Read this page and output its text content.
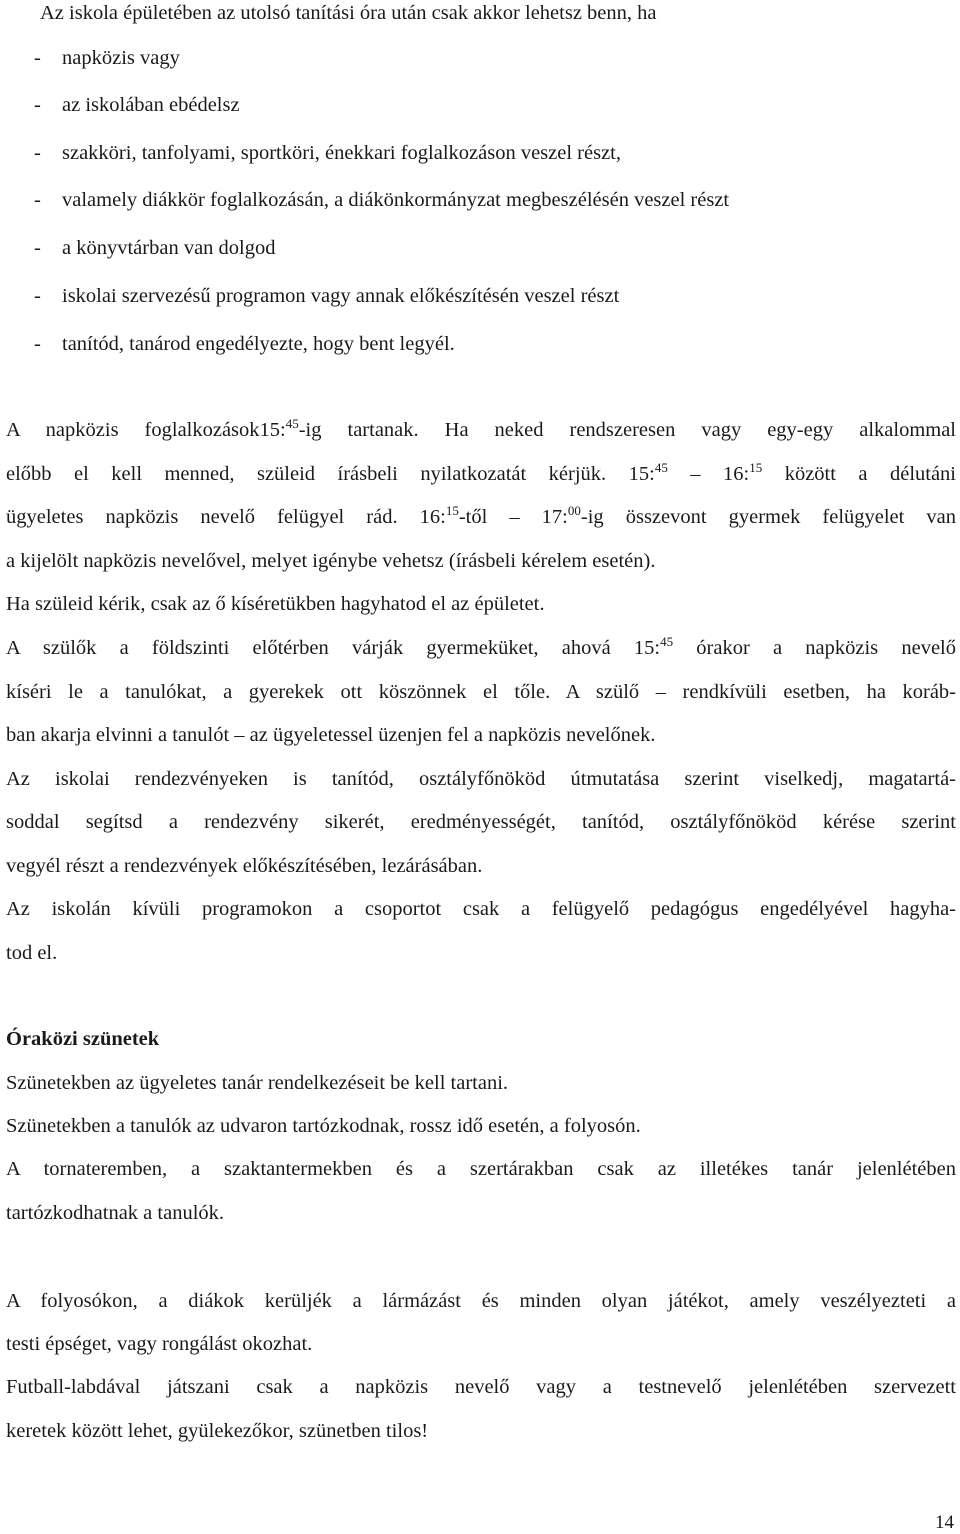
Az iskola épületében az utolsó tanítási óra után csak akkor lehetsz benn, ha
- napközis vagy
- az iskolában ebédelsz
- szakköri, tanfolyami, sportköri, énekkari foglalkozáson veszel részt,
- valamely diákkör foglalkozásán, a diákönkormányzat megbeszélésén veszel részt
- a könyvtárban van dolgod
- iskolai szervezésű programon vagy annak előkészítésén veszel részt
- tanítód, tanárod engedélyezte, hogy bent legyél.
A napközis foglalkozások15:$^{45}$-ig tartanak. Ha neked rendszeresen vagy egy-egy alkalommal
előbb el kell menned, szüleid írásbeli nyilatkozatát kérjük. 15:$^{45}$ – 16:$^{15}$ között a délutáni
ügyeletes napközis nevelő felügyel rád. 16:$^{15}$-től – 17:$^{00}$-ig összevont gyermek felügyelet van
a kijelölt napközis nevelővel, melyet igénybe vehetsz (írásbeli kérelem esetén).
Ha szüleid kérik, csak az ő kíséretükben hagyhatod el az épületet.
A szülők a földszinti előtérben várják gyermeküket, ahová 15:$^{45}$ órakor a napközis nevelő
kíséri le a tanulókat, a gyerekek ott köszönnek el tőle. A szülő – rendkívüli esetben, ha koráb-
ban akarja elvinni a tanulót – az ügyeletessel üzenjen fel a napközis nevelőnek.
Az iskolai rendezvényeken is tanítód, osztályfőnököd útmutatása szerint viselkedj, magatartá-
soddal segítsd a rendezvény sikerét, eredményességét, tanítód, osztályfőnököd kérése szerint
vegyél részt a rendezvények előkészítésében, lezárásában.
Az iskolán kívüli programokon a csoportot csak a felügyelő pedagógus engedélyével hagyha-
tod el.
Óraközi szünetek
Szünetekben az ügyeletes tanár rendelkezéseit be kell tartani.
Szünetekben a tanulók az udvaron tartózkodnak, rossz idő esetén, a folyosón.
A tornateremben, a szaktantermekben és a szertárakban csak az illetékes tanár jelenlétében
tartózkodhatnak a tanulók.
A folyosókon, a diákok kerüljék a lármázást és minden olyan játékot, amely veszélyezteti a
testi épséget, vagy rongálást okozhat.
Futball-labdával játszani csak a napközis nevelő vagy a testnevelő jelenlétében szervezett
keretek között lehet, gyülekezőkor, szünetben tilos!
14
